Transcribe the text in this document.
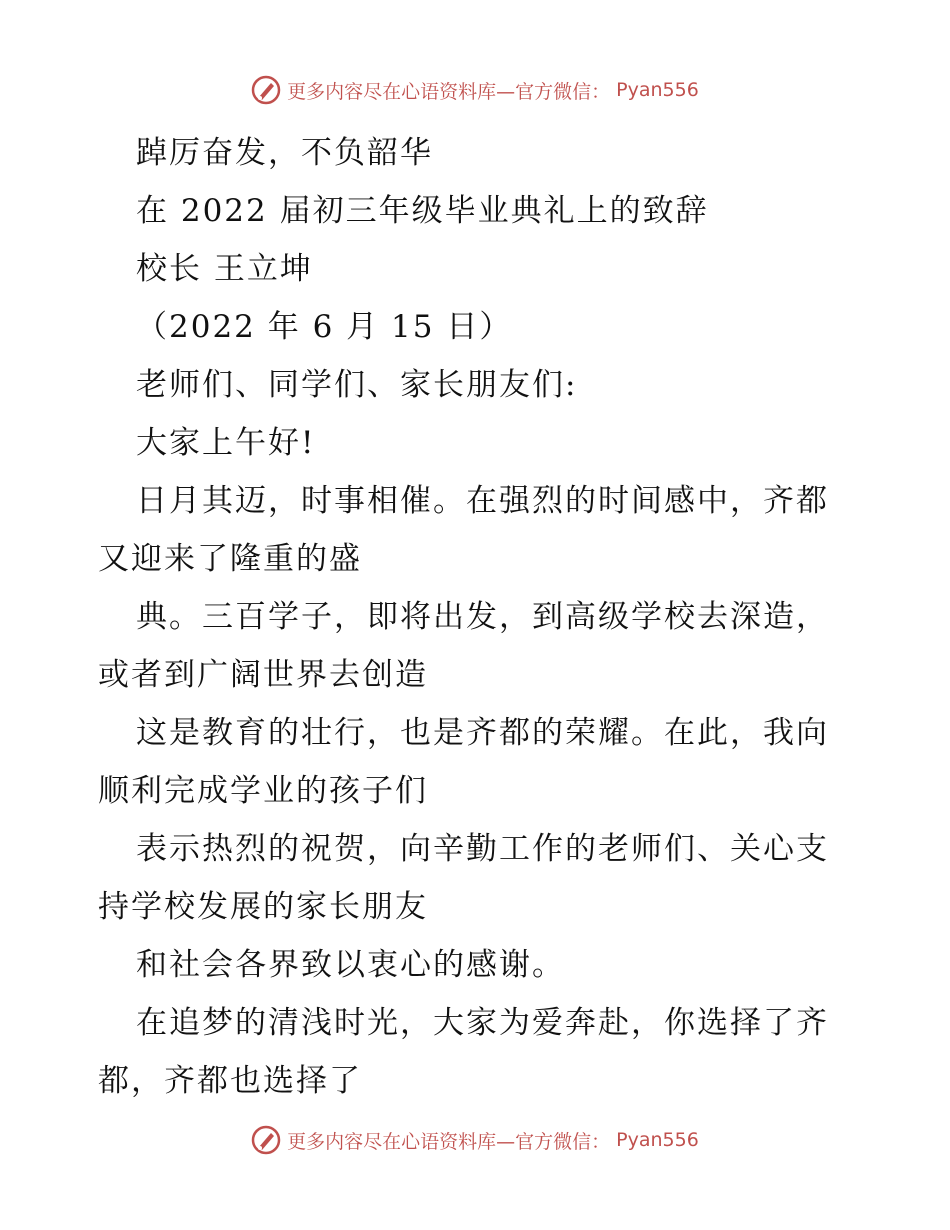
更多内容尽在心语资料库—官方微信： Pyan556
踔厉奋发，不负韶华
在 2022 届初三年级毕业典礼上的致辞
校长 王立坤
（2022 年 6 月 15 日）
老师们、同学们、家长朋友们:
大家上午好!
日月其迈，时事相催。在强烈的时间感中，齐都
又迎来了隆重的盛
典。三百学子，即将出发，到高级学校去深造，
或者到广阔世界去创造
这是教育的壮行，也是齐都的荣耀。在此，我向
顺利完成学业的孩子们
表示热烈的祝贺，向辛勤工作的老师们、关心支
持学校发展的家长朋友
和社会各界致以衷心的感谢。
在追梦的清浅时光，大家为爱奔赴，你选择了齐
都，齐都也选择了
更多内容尽在心语资料库—官方微信： Pyan556
